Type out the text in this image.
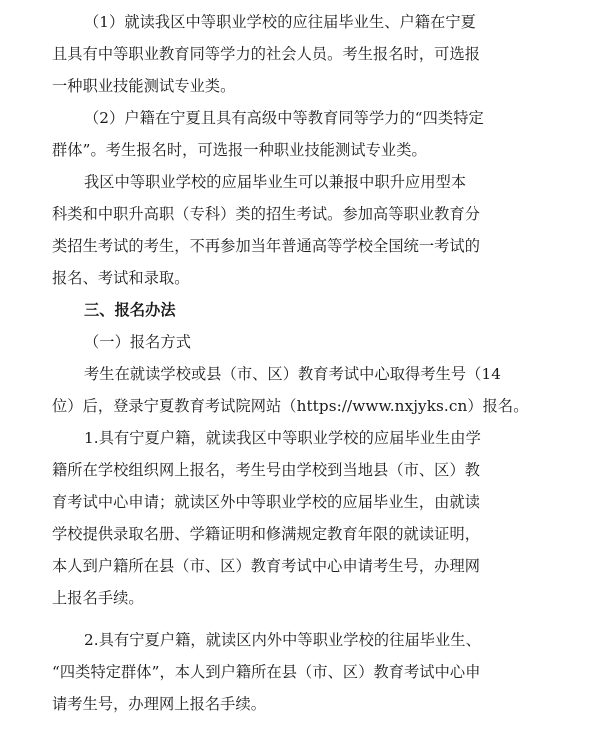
（1）就读我区中等职业学校的应往届毕业生、户籍在宁夏
且具有中等职业教育同等学力的社会人员。考生报名时，可选报
一种职业技能测试专业类。
（2）户籍在宁夏且具有高级中等教育同等学力的“四类特定
群体”。考生报名时，可选报一种职业技能测试专业类。
我区中等职业学校的应届毕业生可以兼报中职升应用型本
科类和中职升高职（专科）类的招生考试。参加高等职业教育分
类招生考试的考生，不再参加当年普通高等学校全国统一考试的
报名、考试和录取。
三、报名办法
（一）报名方式
考生在就读学校或县（市、区）教育考试中心取得考生号（14
位）后，登录宁夏教育考试院网站（https://www.nxjyks.cn）报名。
1.具有宁夏户籍，就读我区中等职业学校的应届毕业生由学
籍所在学校组织网上报名，考生号由学校到当地县（市、区）教
育考试中心申请；就读区外中等职业学校的应届毕业生，由就读
学校提供录取名册、学籍证明和修满规定教育年限的就读证明，
本人到户籍所在县（市、区）教育考试中心申请考生号，办理网
上报名手续。
2.具有宁夏户籍，就读区内外中等职业学校的往届毕业生、
“四类特定群体”，本人到户籍所在县（市、区）教育考试中心申
请考生号，办理网上报名手续。
